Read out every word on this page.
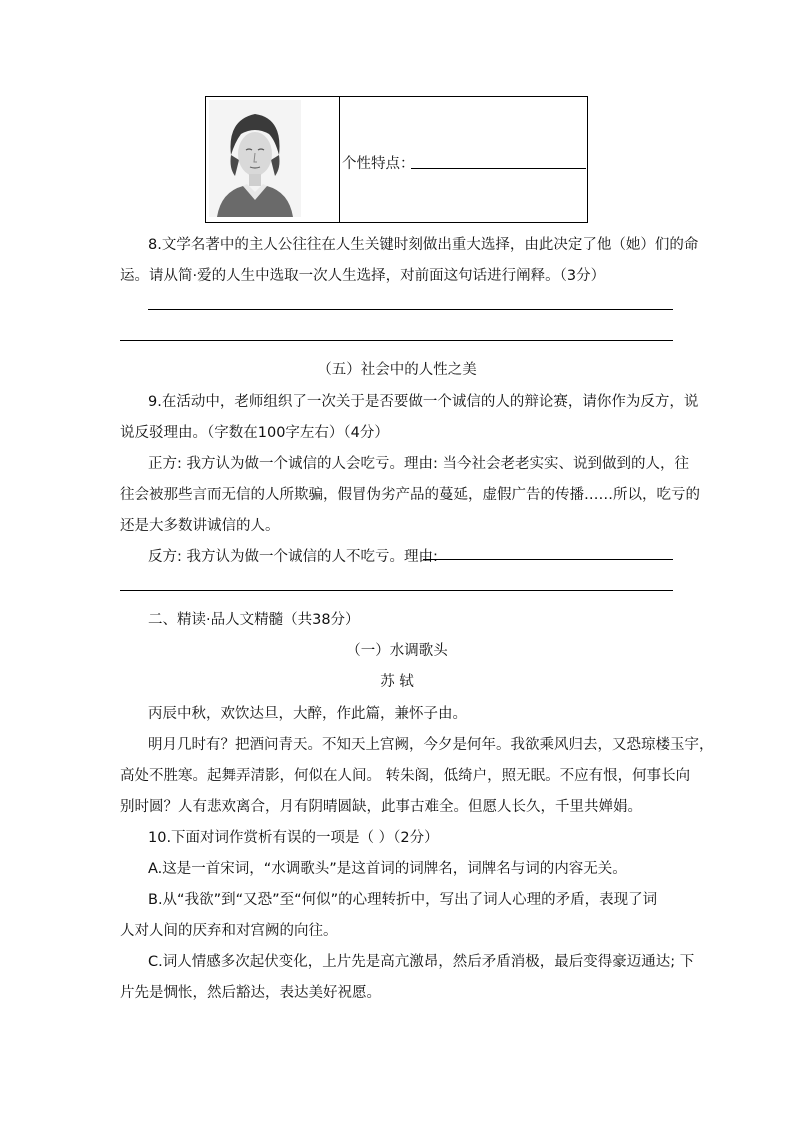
个性特点：
8.文学名著中的主人公往往在人生关键时刻做出重大选择，由此决定了他（她）们的命
运。请从简·爱的人生中选取一次人生选择，对前面这句话进行阐释。（3分）
（五）社会中的人性之美
9.在活动中，老师组织了一次关于是否要做一个诚信的人的辩论赛，请你作为反方，说
说反驳理由。（字数在100字左右）（4分）
正方: 我方认为做一个诚信的人会吃亏。理由: 当今社会老老实实、说到做到的人，往
往会被那些言而无信的人所欺骗，假冒伪劣产品的蔓延，虚假广告的传播……所以，吃亏的
还是大多数讲诚信的人。
反方: 我方认为做一个诚信的人不吃亏。理由:
二、精读·品人文精髓（共38分）
（一）水调歌头
苏 轼
丙辰中秋，欢饮达旦，大醉，作此篇，兼怀子由。
明月几时有？把酒问青天。不知天上宫阙，今夕是何年。我欲乘风归去，又恐琼楼玉宇，
高处不胜寒。起舞弄清影，何似在人间。 转朱阁，低绮户，照无眠。不应有恨，何事长向
别时圆？人有悲欢离合，月有阴晴圆缺，此事古难全。但愿人长久，千里共婵娟。
10.下面对词作赏析有误的一项是（ ）（2分）
A.这是一首宋词，“水调歌头”是这首词的词牌名，词牌名与词的内容无关。
B.从“我欲”到“又恐”至“何似”的心理转折中，写出了词人心理的矛盾，表现了词
人对人间的厌弃和对宫阙的向往。
C.词人情感多次起伏变化，上片先是高亢激昂，然后矛盾消极，最后变得豪迈通达; 下
片先是惆怅，然后豁达，表达美好祝愿。
